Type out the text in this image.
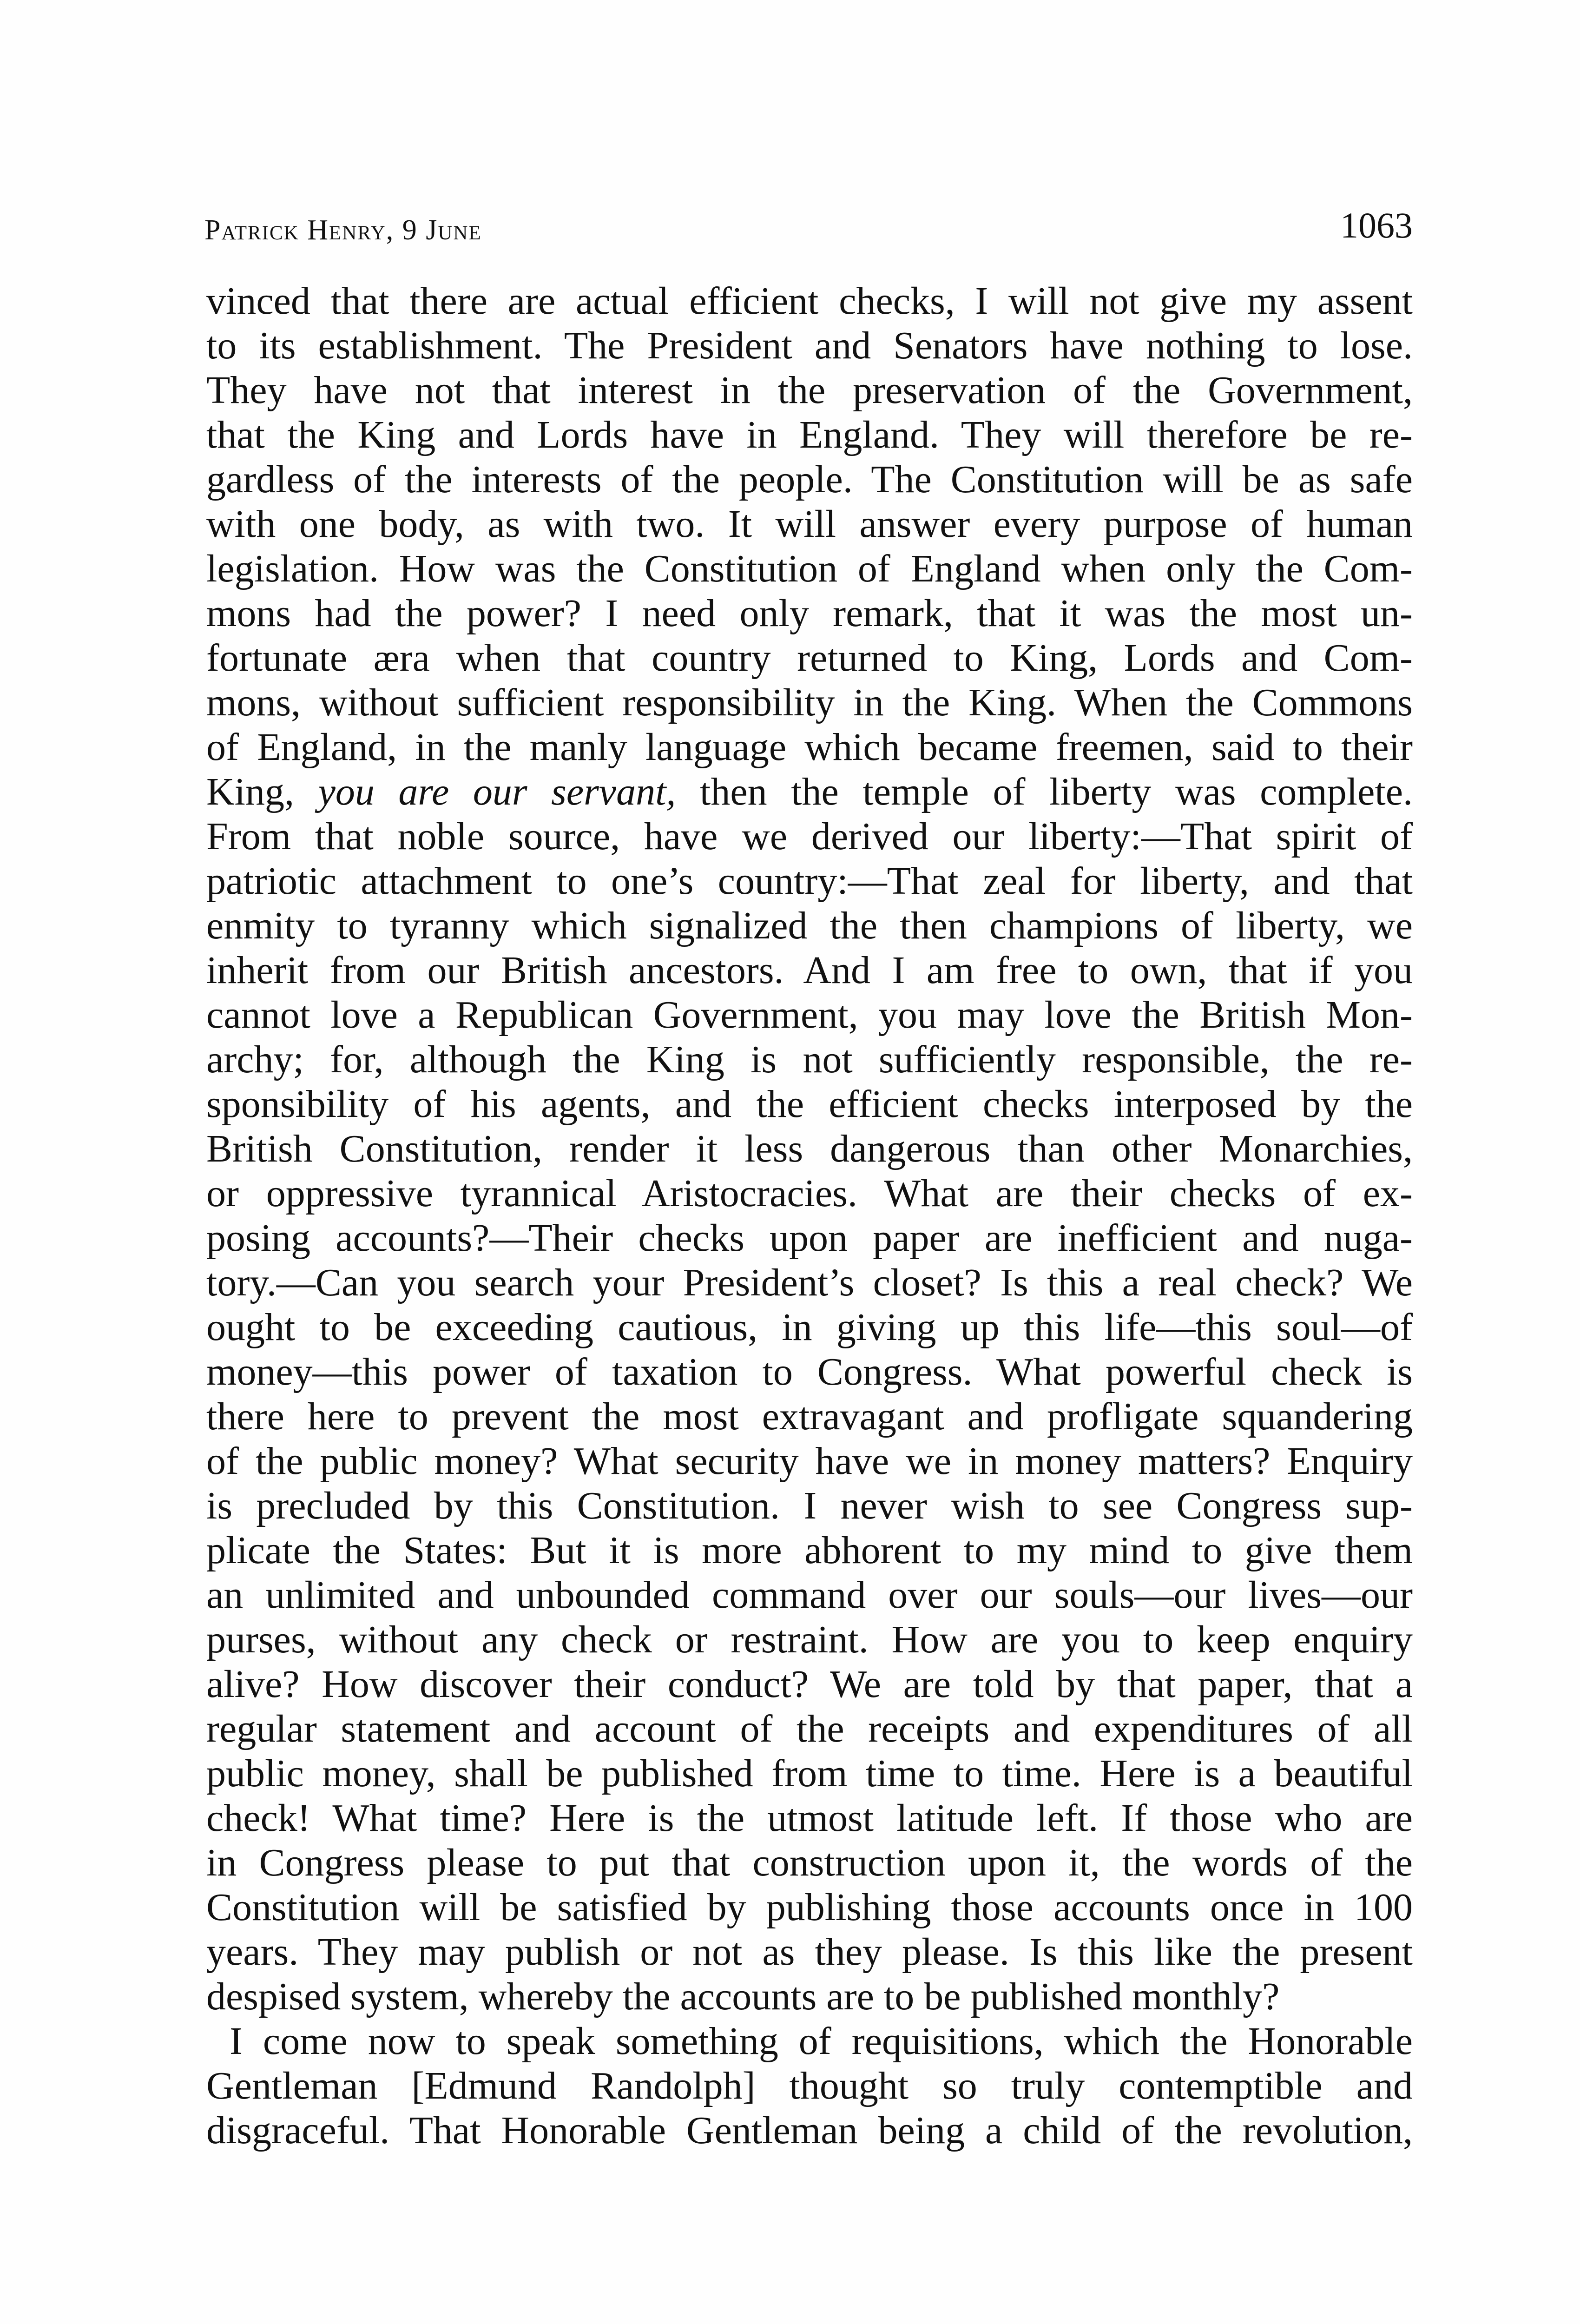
Patrick Henry, 9 June	1063
vinced that there are actual efficient checks, I will not give my assent
to its establishment. The President and Senators have nothing to lose.
They have not that interest in the preservation of the Government,
that the King and Lords have in England. They will therefore be re-
gardless of the interests of the people. The Constitution will be as safe
with one body, as with two. It will answer every purpose of human
legislation. How was the Constitution of England when only the Com-
mons had the power? I need only remark, that it was the most un-
fortunate æra when that country returned to King, Lords and Com-
mons, without sufficient responsibility in the King. When the Commons
of England, in the manly language which became freemen, said to their
King, you are our servant, then the temple of liberty was complete.
From that noble source, have we derived our liberty:—That spirit of
patriotic attachment to one’s country:—That zeal for liberty, and that
enmity to tyranny which signalized the then champions of liberty, we
inherit from our British ancestors. And I am free to own, that if you
cannot love a Republican Government, you may love the British Mon-
archy; for, although the King is not sufficiently responsible, the re-
sponsibility of his agents, and the efficient checks interposed by the
British Constitution, render it less dangerous than other Monarchies,
or oppressive tyrannical Aristocracies. What are their checks of ex-
posing accounts?—Their checks upon paper are inefficient and nuga-
tory.—Can you search your President’s closet? Is this a real check? We
ought to be exceeding cautious, in giving up this life—this soul—of
money—this power of taxation to Congress. What powerful check is
there here to prevent the most extravagant and profligate squandering
of the public money? What security have we in money matters? Enquiry
is precluded by this Constitution. I never wish to see Congress sup-
plicate the States: But it is more abhorent to my mind to give them
an unlimited and unbounded command over our souls—our lives—our
purses, without any check or restraint. How are you to keep enquiry
alive? How discover their conduct? We are told by that paper, that a
regular statement and account of the receipts and expenditures of all
public money, shall be published from time to time. Here is a beautiful
check! What time? Here is the utmost latitude left. If those who are
in Congress please to put that construction upon it, the words of the
Constitution will be satisfied by publishing those accounts once in 100
years. They may publish or not as they please. Is this like the present
despised system, whereby the accounts are to be published monthly?
I come now to speak something of requisitions, which the Honorable
Gentleman [Edmund Randolph] thought so truly contemptible and
disgraceful. That Honorable Gentleman being a child of the revolution,
